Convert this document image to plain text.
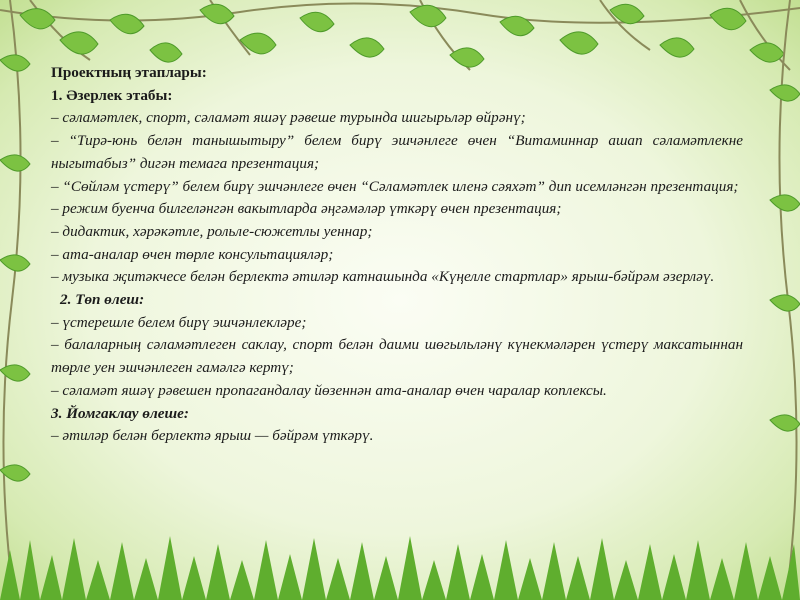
Проектның этаплары:

1. Әзерлек этабы:

– сәламәтлек, спорт, сәламәт яшәү рәвеше турында шигырьләр өйрәнү;

– “Тирә-юнь белән танышытыру” белем бирү эшчәнлеге өчен “Витаминнар ашап сәламәтлекне ныгытабыз” дигән темага презентация;

– “Сөйләм үстерү” белем бирү эшчәнлеге өчен “Сәламәтлек иленә сәяхәт” дип исемләнгән презентация;

– режим буенча билгеләнгән вакытларда әңгәмәләр үткәрү өчен презентация;

– дидактик, хәрәкәтле, рольле-сюжетлы уеннар;

– ата-аналар өчен төрле консультацияләр;

– музыка җитәкчесе белән берлектә әтиләр катнашында «Күңелле стартлар» ярыш-бәйрәм әзерләү.

2. Төп өлеш:

– үстерешле белем бирү эшчәнлекләре;

– балаларның сәламәтлеген саклау, спорт белән даими шөгыльләнү күнекмәләрен үстерү максатыннан төрле уен эшчәнлеген гамәлгә кертү;

– сәламәт яшәү рәвешен пропагандалау йөзеннән ата-аналар өчен чаралар коплексы.

3. Йомгаклау өлеше:

– әтиләр белән берлектә ярыш — бәйрәм үткәрү.
